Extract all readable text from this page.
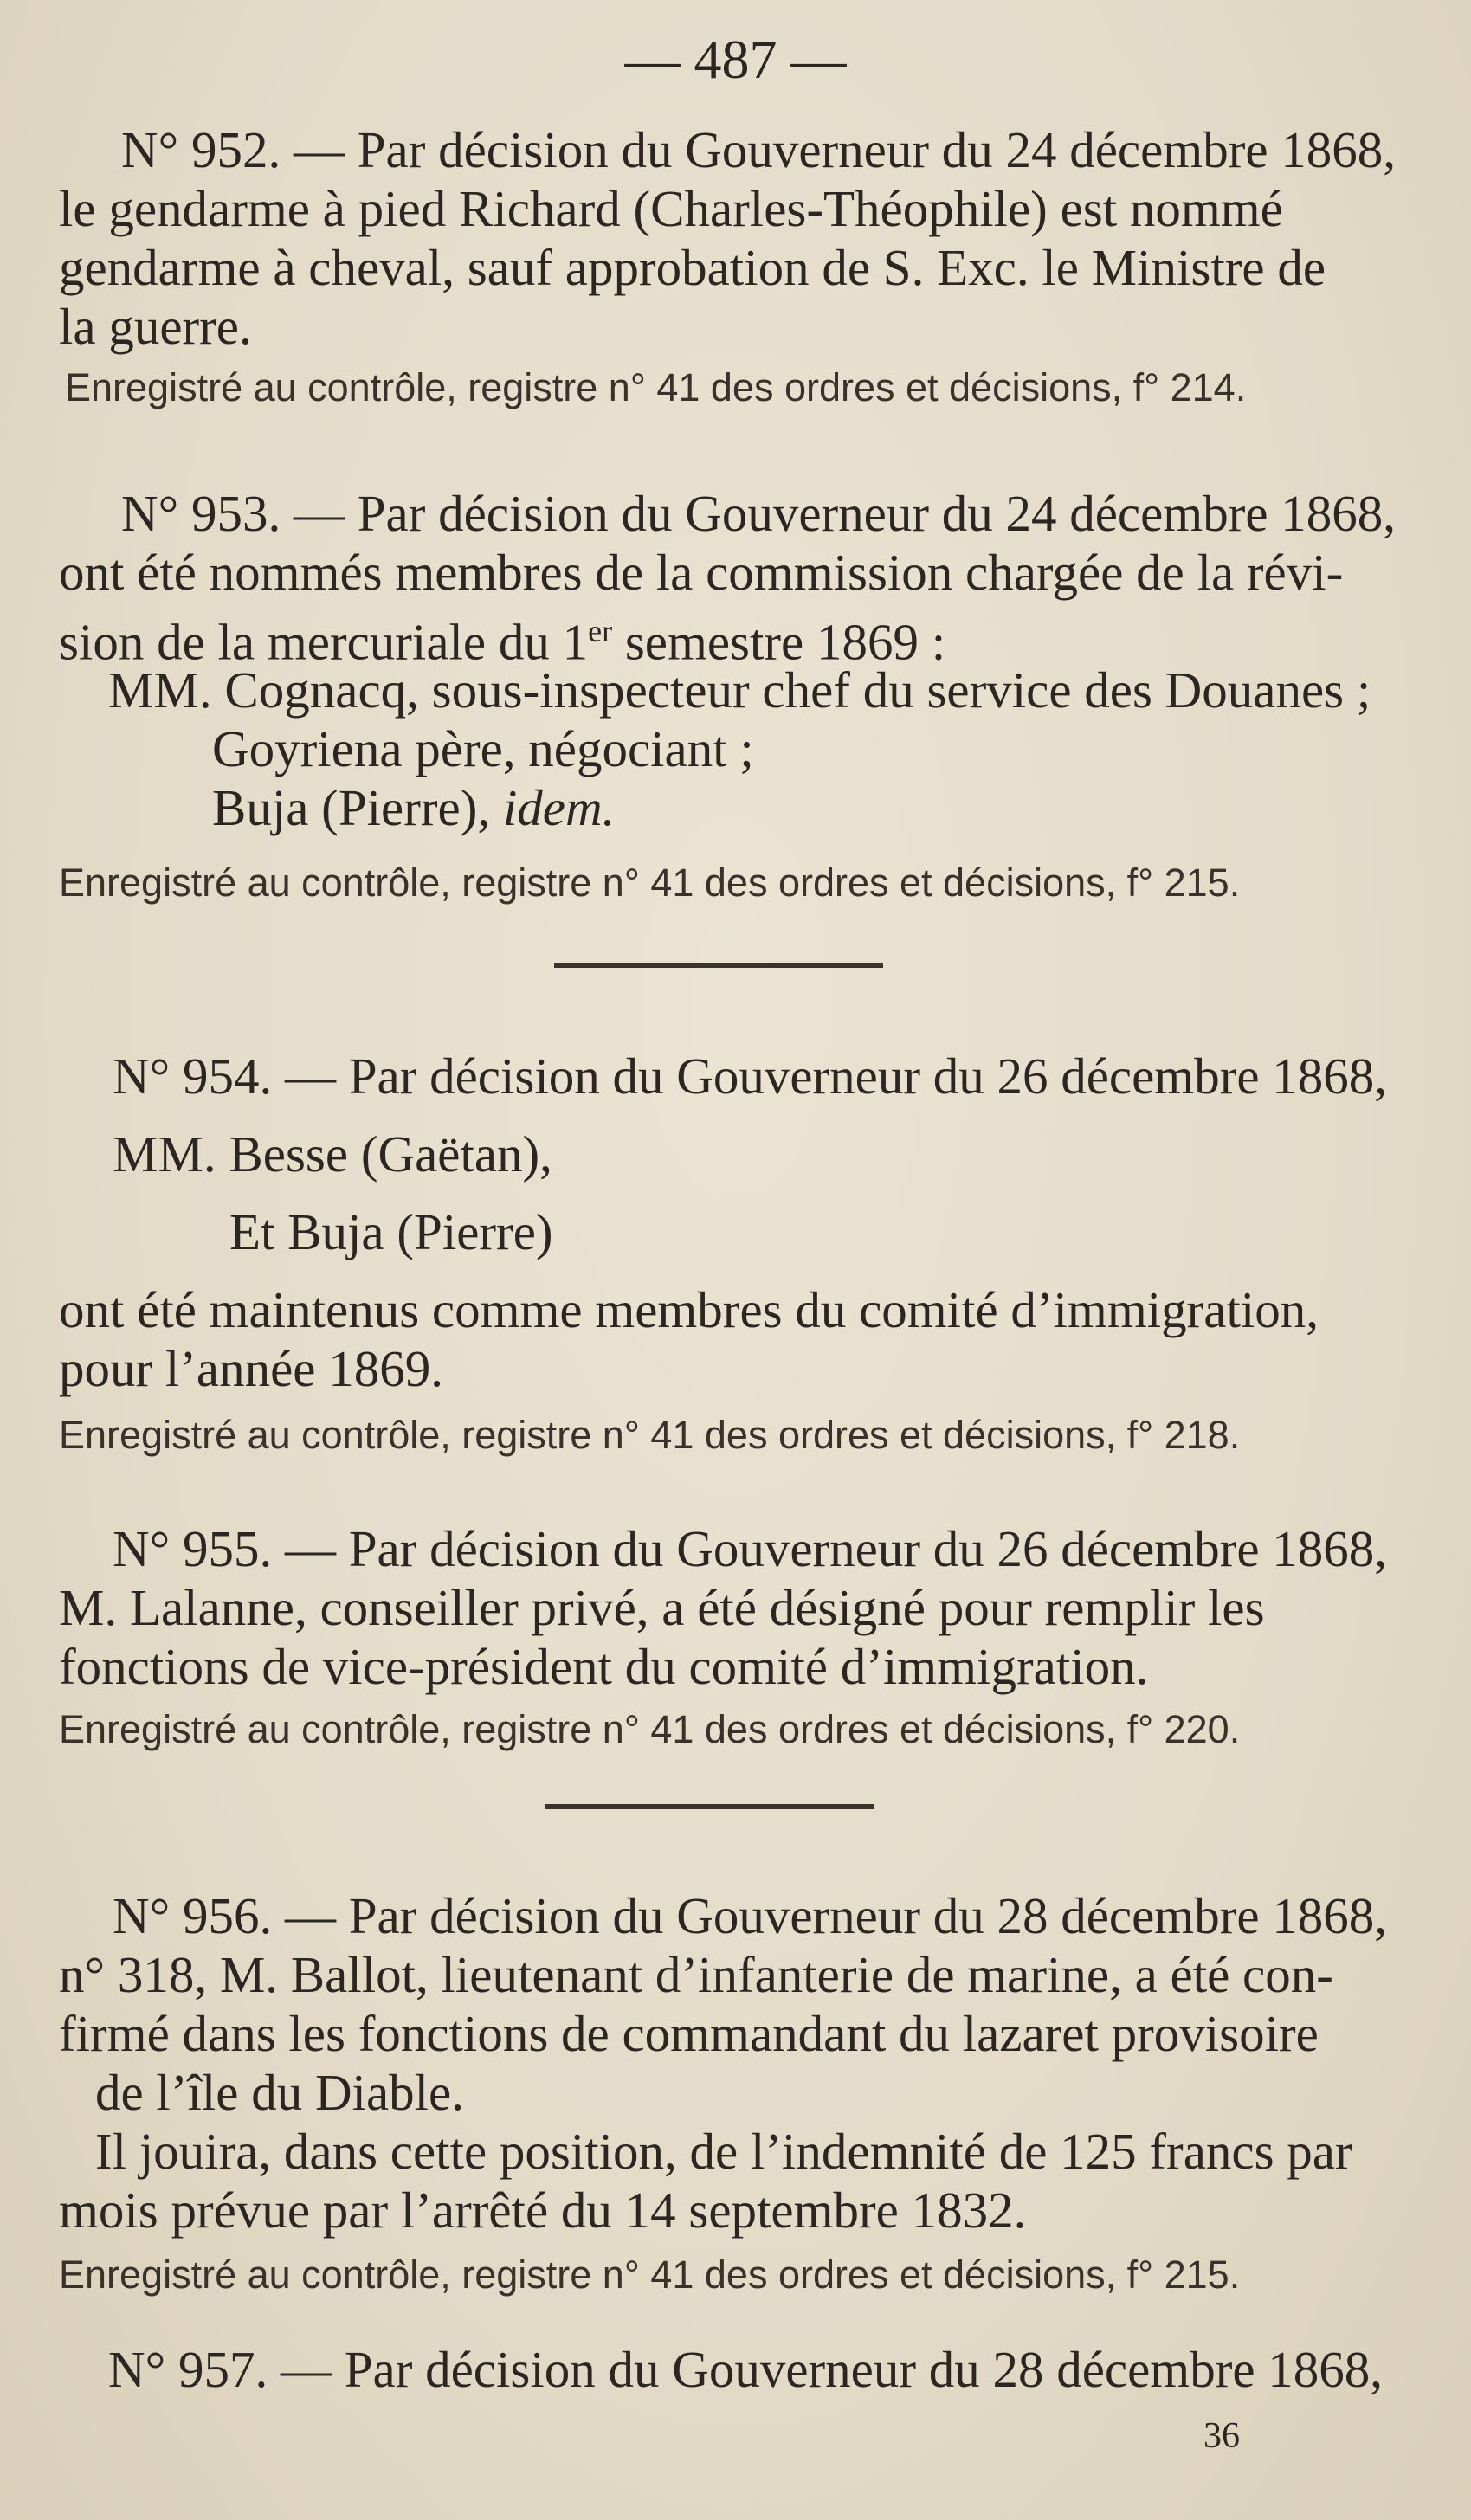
— 487 —
N° 952. — Par décision du Gouverneur du 24 décembre 1868,
le gendarme à pied Richard (Charles-Théophile) est nommé
gendarme à cheval, sauf approbation de S. Exc. le Ministre de
la guerre.
Enregistré au contrôle, registre n° 41 des ordres et décisions, f° 214.
N° 953. — Par décision du Gouverneur du 24 décembre 1868,
ont été nommés membres de la commission chargée de la révi-
sion de la mercuriale du 1er semestre 1869 :
MM. Cognacq, sous-inspecteur chef du service des Douanes ;
Goyriena père, négociant ;
Buja (Pierre), idem.
Enregistré au contrôle, registre n° 41 des ordres et décisions, f° 215.
N° 954. — Par décision du Gouverneur du 26 décembre 1868,
MM. Besse (Gaëtan),
Et Buja (Pierre)
ont été maintenus comme membres du comité d’immigration,
pour l’année 1869.
Enregistré au contrôle, registre n° 41 des ordres et décisions, f° 218.
N° 955. — Par décision du Gouverneur du 26 décembre 1868,
M. Lalanne, conseiller privé, a été désigné pour remplir les
fonctions de vice-président du comité d’immigration.
Enregistré au contrôle, registre n° 41 des ordres et décisions, f° 220.
N° 956. — Par décision du Gouverneur du 28 décembre 1868,
n° 318, M. Ballot, lieutenant d’infanterie de marine, a été con-
firmé dans les fonctions de commandant du lazaret provisoire
de l’île du Diable.
Il jouira, dans cette position, de l’indemnité de 125 francs par
mois prévue par l’arrêté du 14 septembre 1832.
Enregistré au contrôle, registre n° 41 des ordres et décisions, f° 215.
N° 957. — Par décision du Gouverneur du 28 décembre 1868,
36
